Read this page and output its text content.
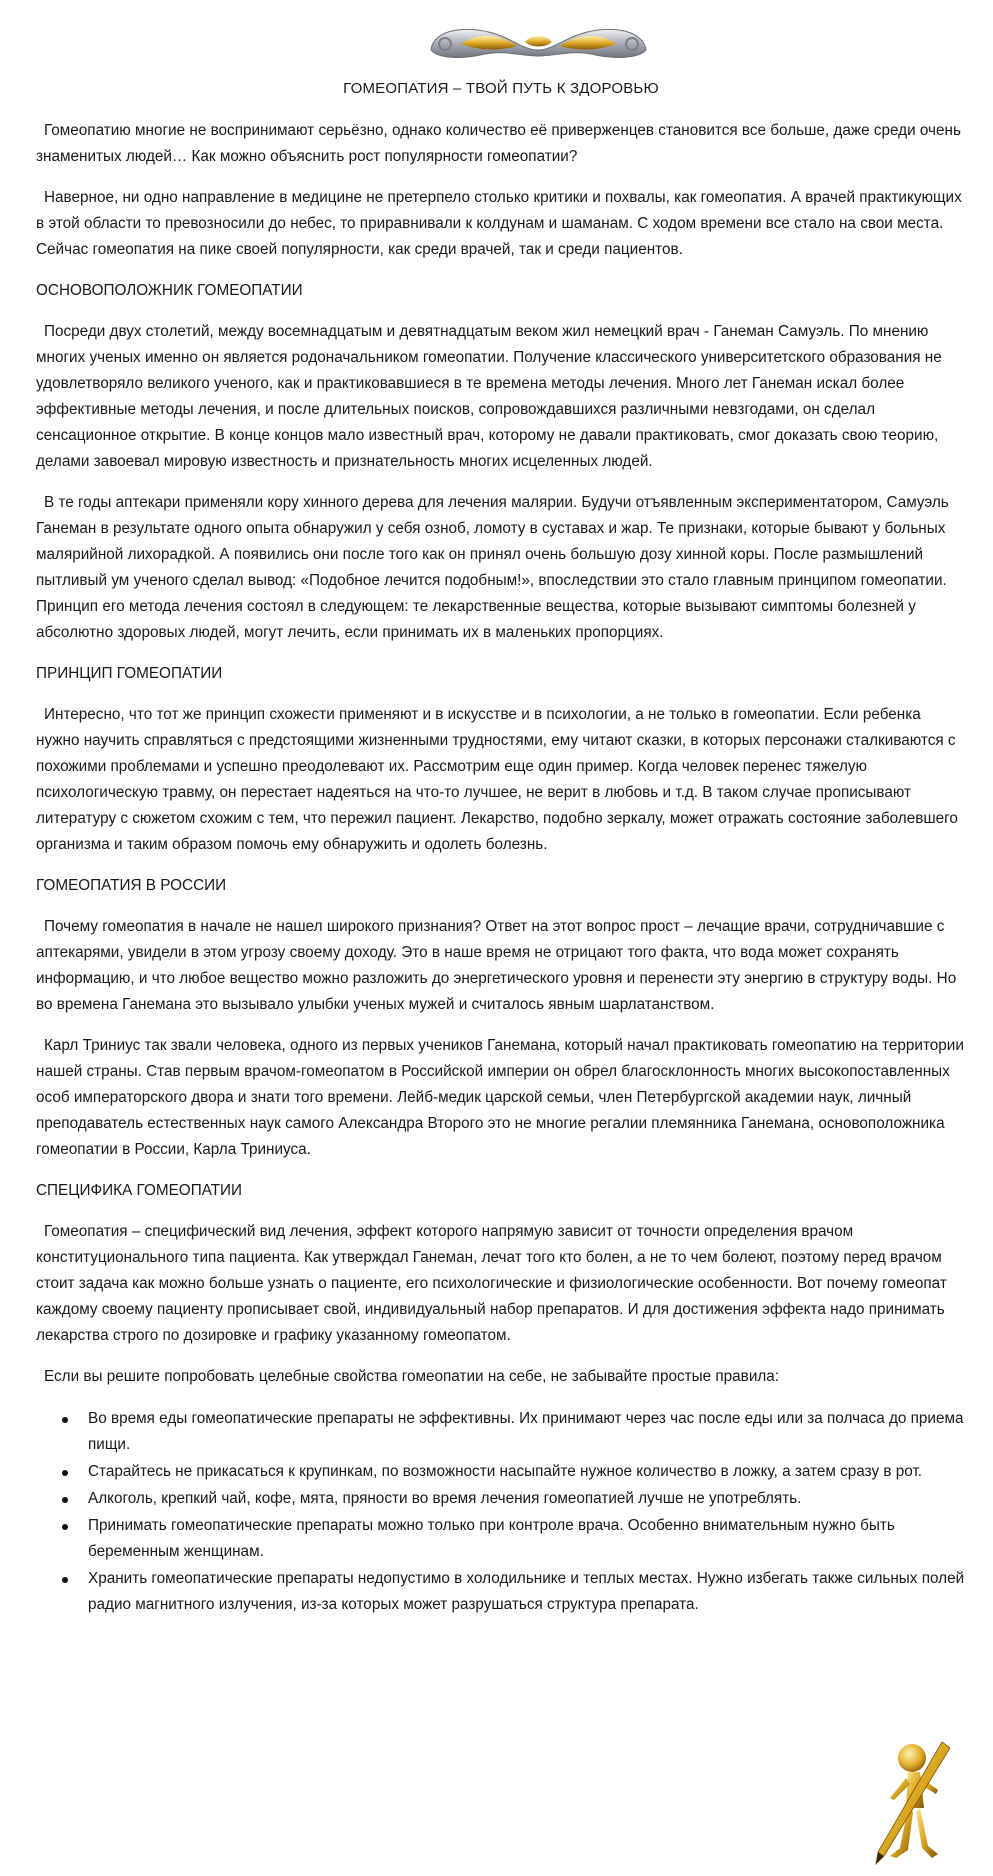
ГОМЕОПАТИЯ – ТВОЙ ПУТЬ К ЗДОРОВЬЮ

Гомеопатию многие не воспринимают серьёзно, однако количество её приверженцев становится все больше, даже среди очень знаменитых людей… Как можно объяснить рост популярности гомеопатии?

Наверное, ни одно направление в медицине не претерпело столько критики и похвалы, как гомеопатия. А врачей практикующих в этой области то превозносили до небес, то приравнивали к колдунам и шаманам. С ходом времени все стало на свои места. Сейчас гомеопатия на пике своей популярности, как среди врачей, так и среди пациентов.

ОСНОВОПОЛОЖНИК ГОМЕОПАТИИ

Посреди двух столетий, между восемнадцатым и девятнадцатым веком жил немецкий врач - Ганеман Самуэль. По мнению многих ученых именно он является родоначальником гомеопатии. Получение классического университетского образования не удовлетворяло великого ученого, как и практиковавшиеся в те времена методы лечения. Много лет Ганеман искал более эффективные методы лечения, и после длительных поисков, сопровождавшихся различными невзгодами, он сделал сенсационное открытие. В конце концов мало известный врач, которому не давали практиковать, смог доказать свою теорию, делами завоевал мировую известность и признательность многих исцеленных людей.

В те годы аптекари применяли кору хинного дерева для лечения малярии. Будучи отъявленным экспериментатором, Самуэль Ганеман в результате одного опыта обнаружил у себя озноб, ломоту в суставах и жар. Те признаки, которые бывают у больных малярийной лихорадкой. А появились они после того как он принял очень большую дозу хинной коры. После размышлений пытливый ум ученого сделал вывод: «Подобное лечится подобным!», впоследствии это стало главным принципом гомеопатии. Принцип его метода лечения состоял в следующем: те лекарственные вещества, которые вызывают симптомы болезней у абсолютно здоровых людей, могут лечить, если принимать их в маленьких пропорциях.

ПРИНЦИП ГОМЕОПАТИИ

Интересно, что тот же принцип схожести применяют и в искусстве и в психологии, а не только в гомеопатии. Если ребенка нужно научить справляться с предстоящими жизненными трудностями, ему читают сказки, в которых персонажи сталкиваются с похожими проблемами и успешно преодолевают их. Рассмотрим еще один пример. Когда человек перенес тяжелую психологическую травму, он перестает надеяться на что-то лучшее, не верит в любовь и т.д. В таком случае прописывают литературу с сюжетом схожим с тем, что пережил пациент. Лекарство, подобно зеркалу, может отражать состояние заболевшего организма и таким образом помочь ему обнаружить и одолеть болезнь.

ГОМЕОПАТИЯ В РОССИИ

Почему гомеопатия в начале не нашел широкого признания? Ответ на этот вопрос прост – лечащие врачи, сотрудничавшие с аптекарями, увидели в этом угрозу своему доходу. Это в наше время не отрицают того факта, что вода может сохранять информацию, и что любое вещество можно разложить до энергетического уровня и перенести эту энергию в структуру воды. Но во времена Ганемана это вызывало улыбки ученых мужей и считалось явным шарлатанством.

Карл Триниус так звали человека, одного из первых учеников Ганемана, который начал практиковать гомеопатию на территории нашей страны. Став первым врачом-гомеопатом в Российской империи он обрел благосклонность многих высокопоставленных особ императорского двора и знати того времени. Лейб-медик царской семьи, член Петербургской академии наук, личный преподаватель естественных наук самого Александра Второго это не многие регалии племянника Ганемана, основоположника гомеопатии в России, Карла Триниуса.

СПЕЦИФИКА ГОМЕОПАТИИ

Гомеопатия – специфический вид лечения, эффект которого напрямую зависит от точности определения врачом конституционального типа пациента. Как утверждал Ганеман, лечат того кто болен, а не то чем болеют, поэтому перед врачом стоит задача как можно больше узнать о пациенте, его психологические и физиологические особенности. Вот почему гомеопат каждому своему пациенту прописывает свой, индивидуальный набор препаратов. И для достижения эффекта надо принимать лекарства строго по дозировке и графику указанному гомеопатом.

Если вы решите попробовать целебные свойства гомеопатии на себе, не забывайте простые правила:

Во время еды гомеопатические препараты не эффективны. Их принимают через час после еды или за полчаса до приема пищи.
Старайтесь не прикасаться к крупинкам, по возможности насыпайте нужное количество в ложку, а затем сразу в рот.
Алкоголь, крепкий чай, кофе, мята, пряности во время лечения гомеопатией лучше не употреблять.
Принимать гомеопатические препараты можно только при контроле врача. Особенно внимательным нужно быть беременным женщинам.
Хранить гомеопатические препараты недопустимо в холодильнике и теплых местах. Нужно избегать также сильных полей радио магнитного излучения, из-за которых может разрушаться структура препарата.
